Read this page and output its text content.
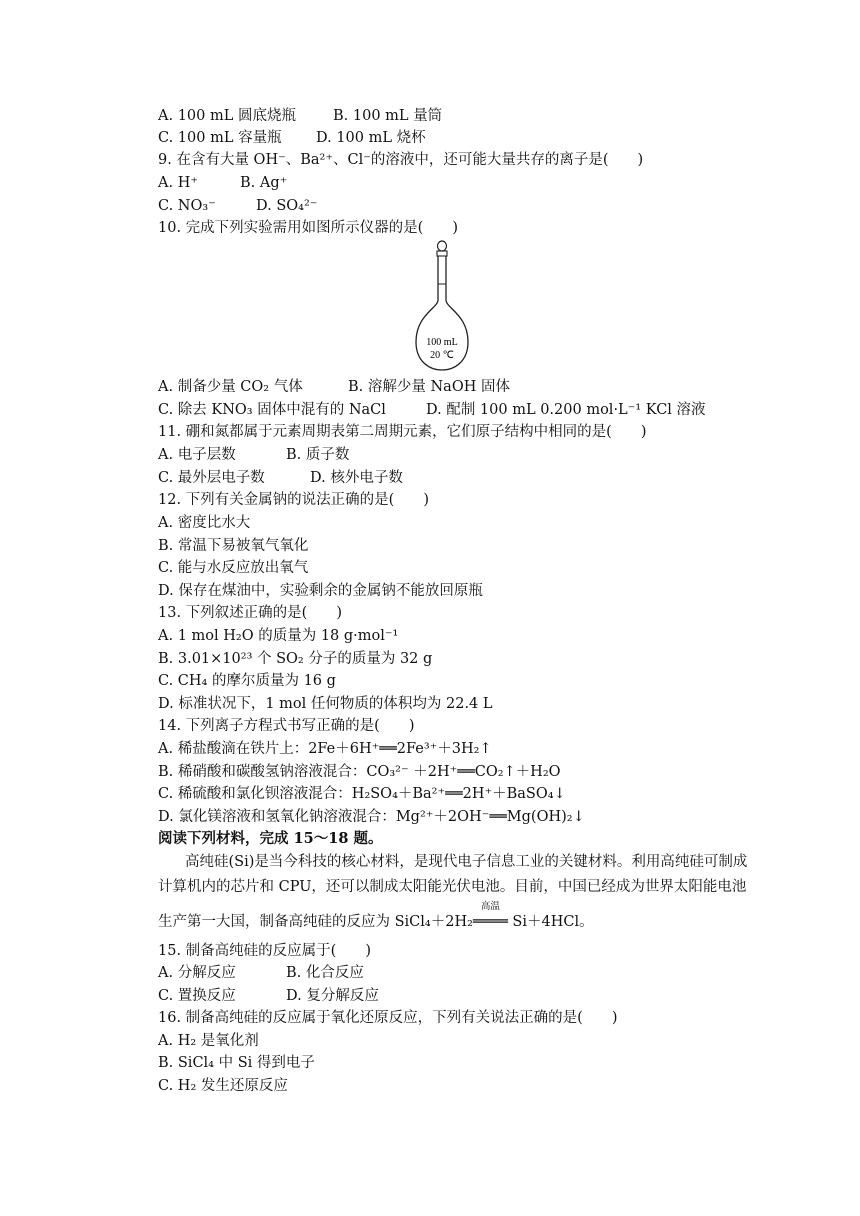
A. 100 mL 圆底烧瓶	B. 100 mL 量筒
C. 100 mL 容量瓶 D. 100 mL 烧杯
9. 在含有大量 OH⁻、Ba²⁺、Cl⁻的溶液中，还可能大量共存的离子是(　　)
A. H⁺	B. Ag⁺
C. NO₃⁻	D. SO₄²⁻
10. 完成下列实验需用如图所示仪器的是(　　)
100 mL
20 ℃
A. 制备少量 CO₂ 气体	B. 溶解少量 NaOH 固体
C. 除去 KNO₃ 固体中混有的 NaCl	D. 配制 100 mL 0.200 mol·L⁻¹ KCl 溶液
11. 硼和氮都属于元素周期表第二周期元素，它们原子结构中相同的是(　　)
A. 电子层数	B. 质子数
C. 最外层电子数	D. 核外电子数
12. 下列有关金属钠的说法正确的是(　　)
A. 密度比水大
B. 常温下易被氧气氧化
C. 能与水反应放出氧气
D. 保存在煤油中，实验剩余的金属钠不能放回原瓶
13. 下列叙述正确的是(　　)
A. 1 mol H₂O 的质量为 18 g·mol⁻¹
B. 3.01×10²³ 个 SO₂ 分子的质量为 32 g
C. CH₄ 的摩尔质量为 16 g
D. 标准状况下，1 mol 任何物质的体积均为 22.4 L
14. 下列离子方程式书写正确的是(　　)
A. 稀盐酸滴在铁片上：2Fe＋6H⁺══2Fe³⁺＋3H₂↑
B. 稀硝酸和碳酸氢钠溶液混合：CO₃²⁻ ＋2H⁺══CO₂↑＋H₂O
C. 稀硫酸和氯化钡溶液混合：H₂SO₄＋Ba²⁺══2H⁺＋BaSO₄↓
D. 氯化镁溶液和氢氧化钠溶液混合：Mg²⁺＋2OH⁻══Mg(OH)₂↓
阅读下列材料，完成 15～18 题。
高纯硅(Si)是当今科技的核心材料，是现代电子信息工业的关键材料。利用高纯硅可制成
计算机内的芯片和 CPU，还可以制成太阳能光伏电池。目前，中国已经成为世界太阳能电池
生产第一大国，制备高纯硅的反应为 SiCl₄＋2H₂
高温
════ Si＋4HCl。
15. 制备高纯硅的反应属于(　　)
A. 分解反应	B. 化合反应
C. 置换反应	D. 复分解反应
16. 制备高纯硅的反应属于氧化还原反应，下列有关说法正确的是(　　)
A. H₂ 是氧化剂
B. SiCl₄ 中 Si 得到电子
C. H₂ 发生还原反应
